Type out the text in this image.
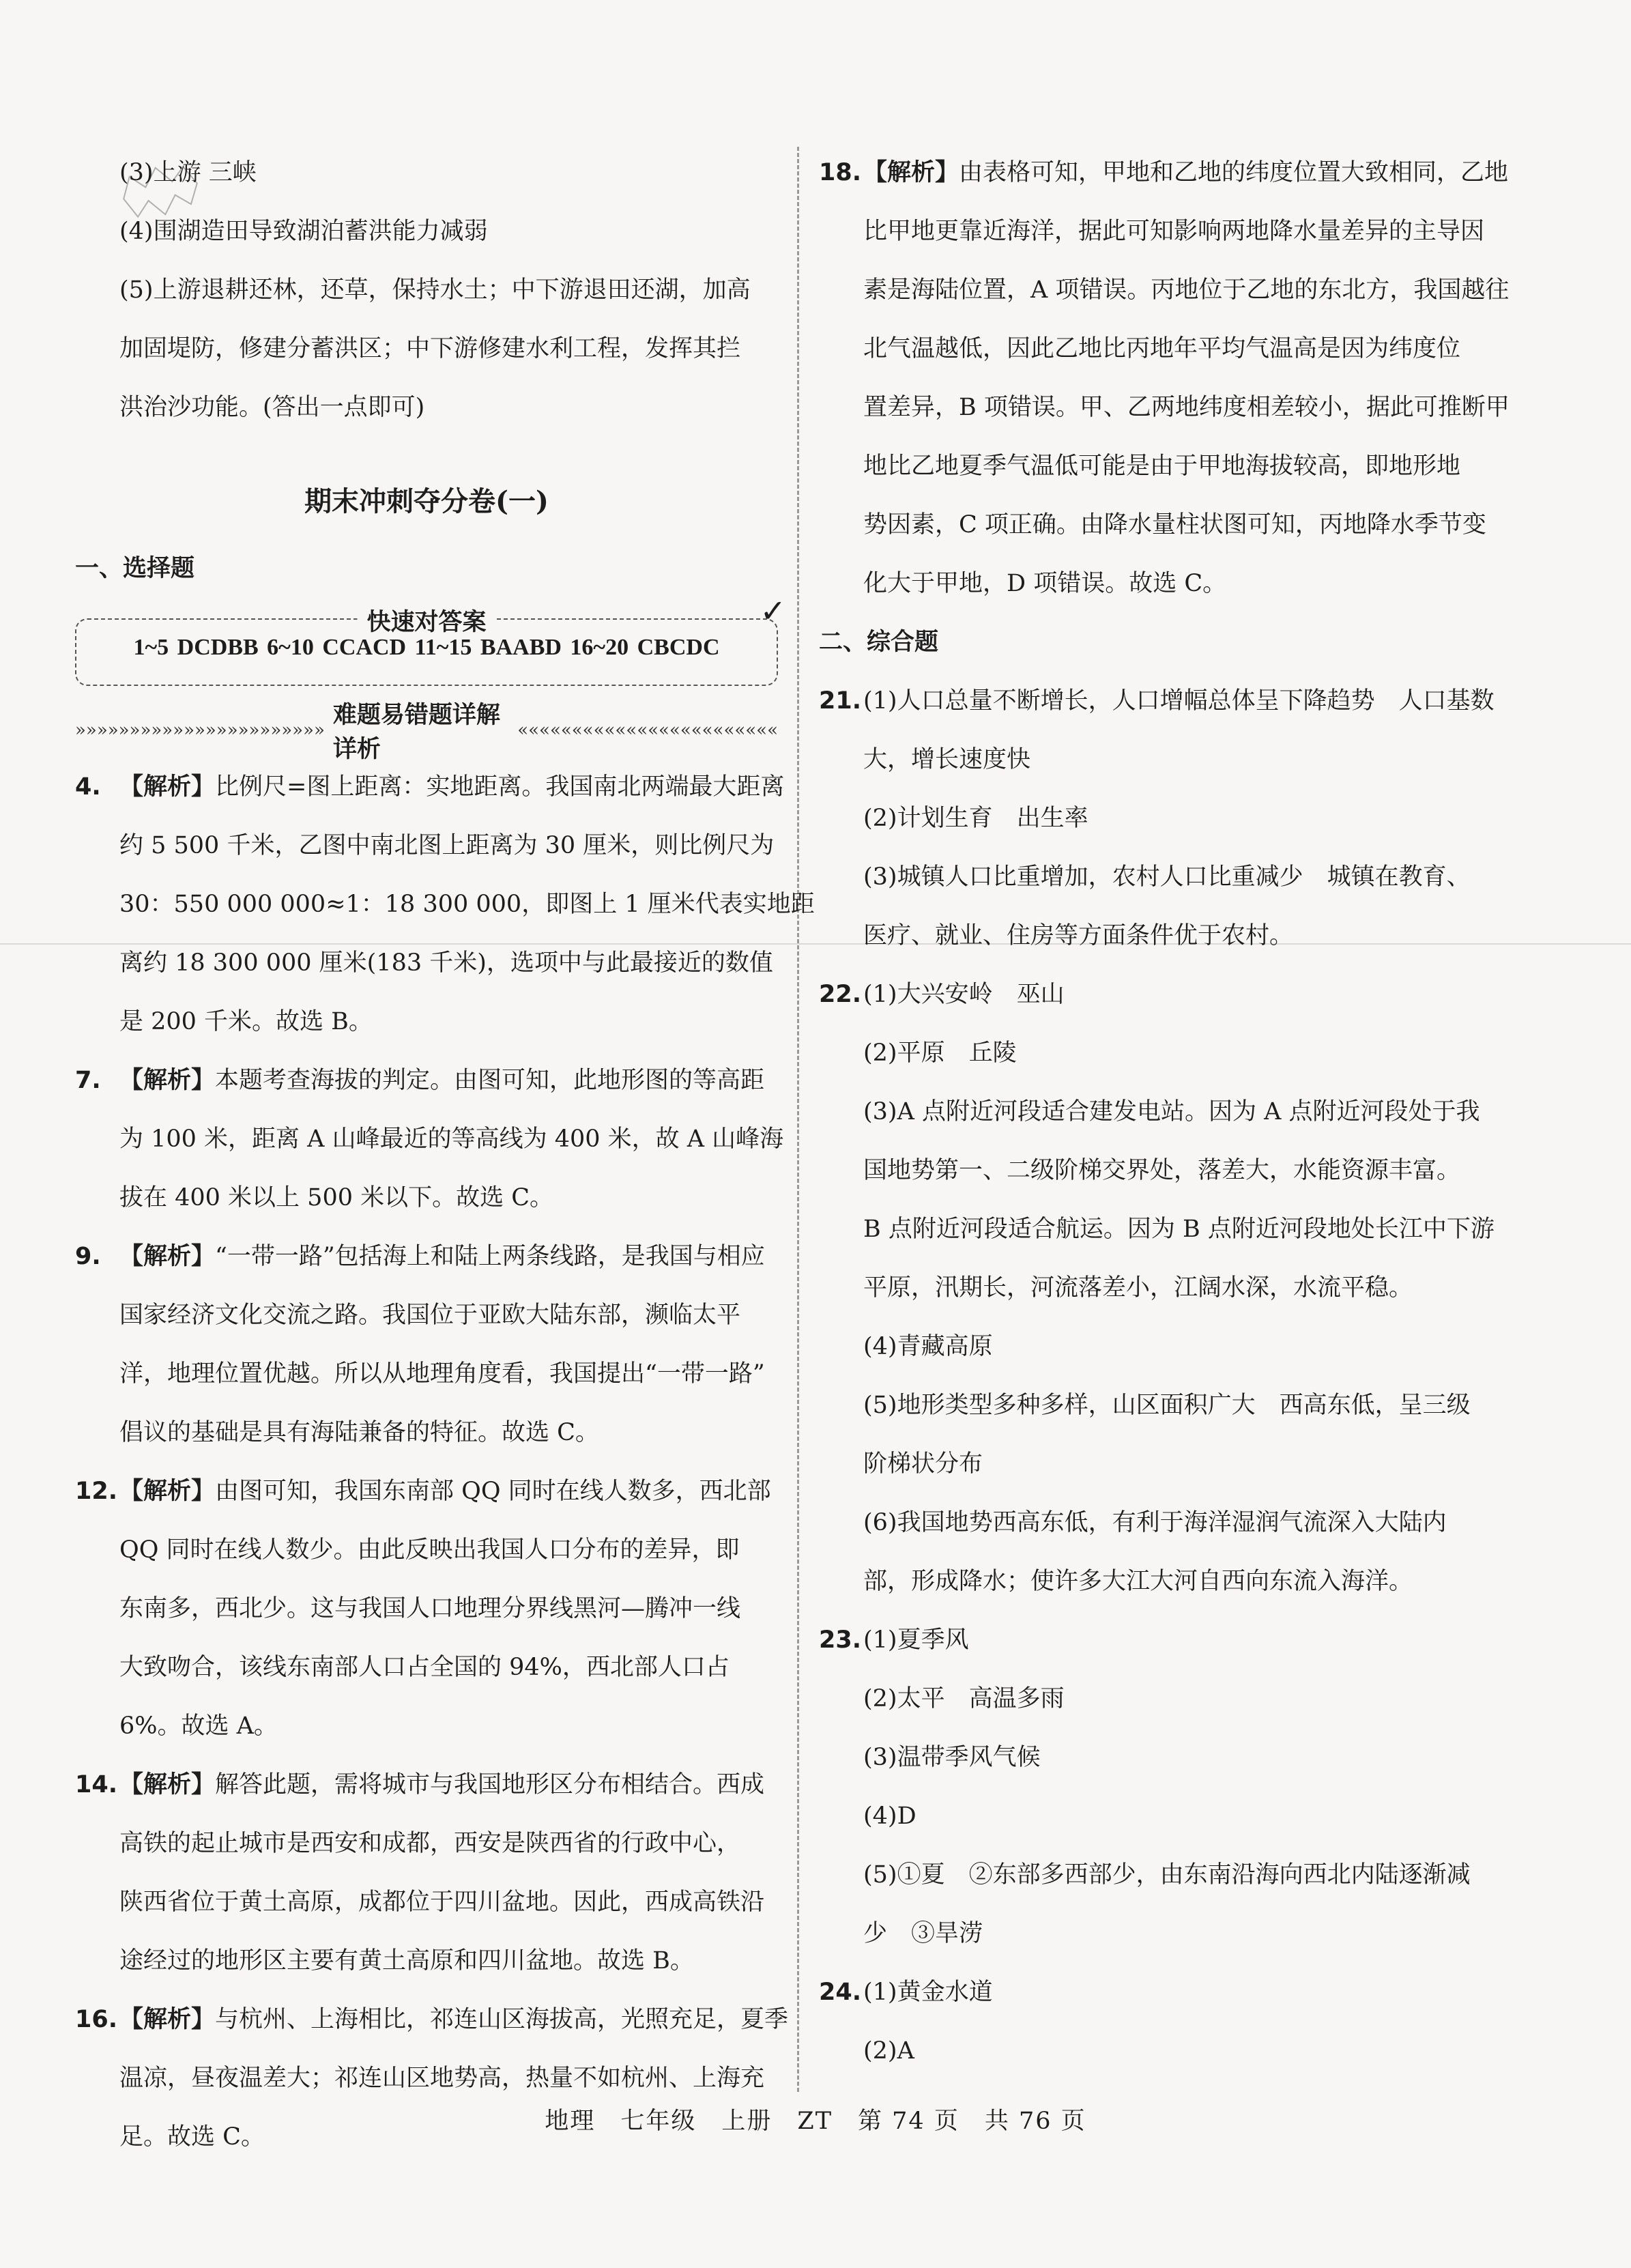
(3)上游 三峡
(4)围湖造田导致湖泊蓄洪能力减弱
(5)上游退耕还林，还草，保持水土；中下游退田还湖，加高
加固堤防，修建分蓄洪区；中下游修建水利工程，发挥其拦
洪治沙功能。(答出一点即可)
期末冲刺夺分卷(一)
一、选择题
快速对答案
1~5 DCDBB 6~10 CCACD 11~15 BAABD 16~20 CBCDC
✓
»»»»»»»»»»»»»»»»»»»»»»»
难题易错题详解详析
««««««««««««««««««««««««
4. 【解析】比例尺=图上距离：实地距离。我国南北两端最大距离
约 5 500 千米，乙图中南北图上距离为 30 厘米，则比例尺为
30：550 000 000≈1：18 300 000，即图上 1 厘米代表实地距
离约 18 300 000 厘米(183 千米)，选项中与此最接近的数值
是 200 千米。故选 B。
7. 【解析】本题考查海拔的判定。由图可知，此地形图的等高距
为 100 米，距离 A 山峰最近的等高线为 400 米，故 A 山峰海
拔在 400 米以上 500 米以下。故选 C。
9. 【解析】“一带一路”包括海上和陆上两条线路，是我国与相应
国家经济文化交流之路。我国位于亚欧大陆东部，濒临太平
洋，地理位置优越。所以从地理角度看，我国提出“一带一路”
倡议的基础是具有海陆兼备的特征。故选 C。
12.【解析】由图可知，我国东南部 QQ 同时在线人数多，西北部
QQ 同时在线人数少。由此反映出我国人口分布的差异，即
东南多，西北少。这与我国人口地理分界线黑河—腾冲一线
大致吻合，该线东南部人口占全国的 94%，西北部人口占
6%。故选 A。
14.【解析】解答此题，需将城市与我国地形区分布相结合。西成
高铁的起止城市是西安和成都，西安是陕西省的行政中心，
陕西省位于黄土高原，成都位于四川盆地。因此，西成高铁沿
途经过的地形区主要有黄土高原和四川盆地。故选 B。
16.【解析】与杭州、上海相比，祁连山区海拔高，光照充足，夏季
温凉，昼夜温差大；祁连山区地势高，热量不如杭州、上海充
足。故选 C。
18.【解析】由表格可知，甲地和乙地的纬度位置大致相同，乙地
比甲地更靠近海洋，据此可知影响两地降水量差异的主导因
素是海陆位置，A 项错误。丙地位于乙地的东北方，我国越往
北气温越低，因此乙地比丙地年平均气温高是因为纬度位
置差异，B 项错误。甲、乙两地纬度相差较小，据此可推断甲
地比乙地夏季气温低可能是由于甲地海拔较高，即地形地
势因素，C 项正确。由降水量柱状图可知，丙地降水季节变
化大于甲地，D 项错误。故选 C。
二、综合题
21.(1)人口总量不断增长，人口增幅总体呈下降趋势　人口基数
大，增长速度快
(2)计划生育　出生率
(3)城镇人口比重增加，农村人口比重减少　城镇在教育、
医疗、就业、住房等方面条件优于农村。
22.(1)大兴安岭　巫山
(2)平原　丘陵
(3)A 点附近河段适合建发电站。因为 A 点附近河段处于我
国地势第一、二级阶梯交界处，落差大，水能资源丰富。
B 点附近河段适合航运。因为 B 点附近河段地处长江中下游
平原，汛期长，河流落差小，江阔水深，水流平稳。
(4)青藏高原
(5)地形类型多种多样，山区面积广大　西高东低，呈三级
阶梯状分布
(6)我国地势西高东低，有利于海洋湿润气流深入大陆内
部，形成降水；使许多大江大河自西向东流入海洋。
23.(1)夏季风
(2)太平　高温多雨
(3)温带季风气候
(4)D
(5)①夏　②东部多西部少，由东南沿海向西北内陆逐渐减
少　③旱涝
24.(1)黄金水道
(2)A
地理　七年级　上册　ZT　第 74 页　共 76 页
